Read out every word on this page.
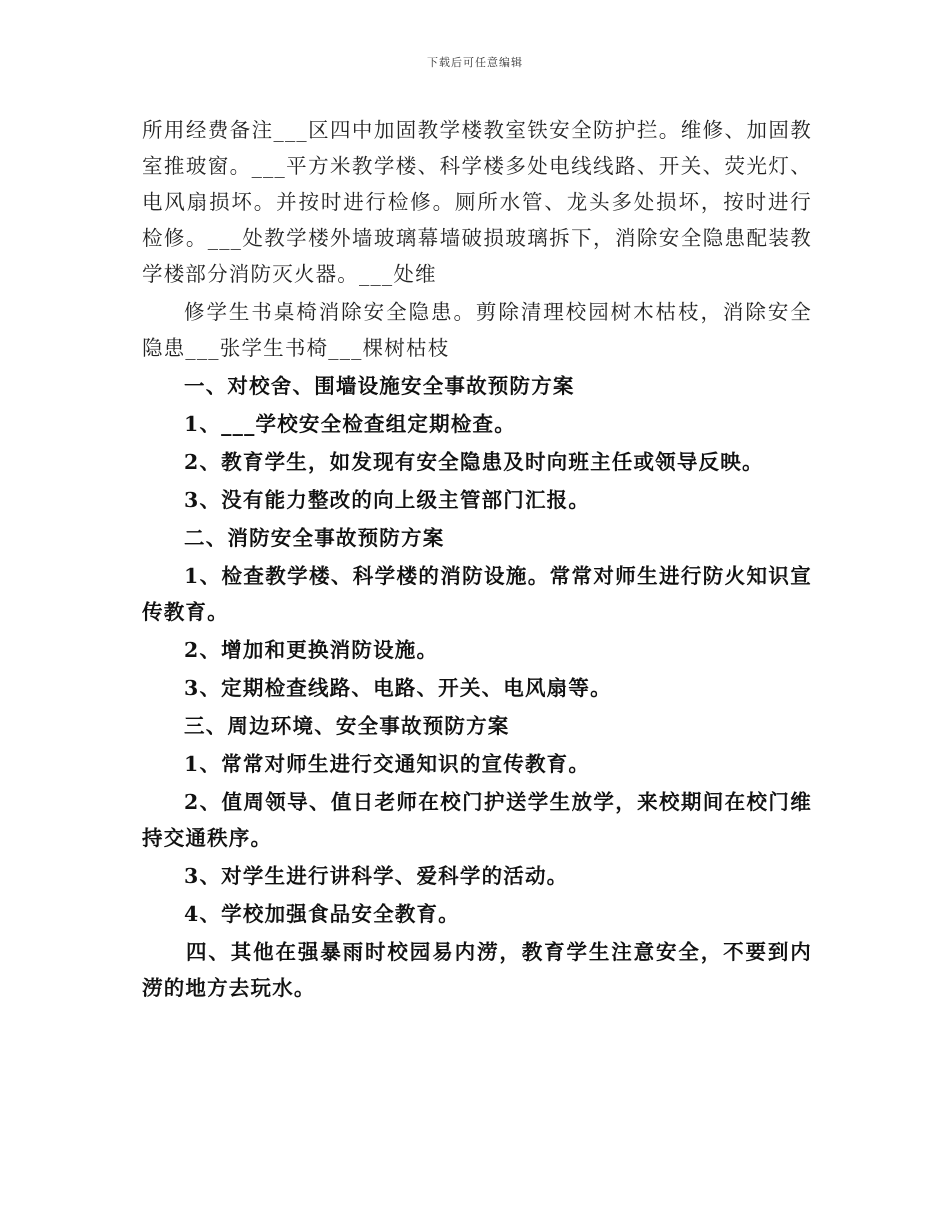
下载后可任意编辑

所用经费备注___区四中加固教学楼教室铁安全防护拦。维修、加固教室推玻窗。___平方米教学楼、科学楼多处电线线路、开关、荧光灯、电风扇损坏。并按时进行检修。厕所水管、龙头多处损坏，按时进行检修。___处教学楼外墙玻璃幕墙破损玻璃拆下，消除安全隐患配装教学楼部分消防灭火器。___处维

修学生书桌椅消除安全隐患。剪除清理校园树木枯枝，消除安全隐患___张学生书椅___棵树枯枝

一、对校舍、围墙设施安全事故预防方案

1、___学校安全检查组定期检查。

2、教育学生，如发现有安全隐患及时向班主任或领导反映。

3、没有能力整改的向上级主管部门汇报。

二、消防安全事故预防方案

1、检查教学楼、科学楼的消防设施。常常对师生进行防火知识宣传教育。

2、增加和更换消防设施。

3、定期检查线路、电路、开关、电风扇等。

三、周边环境、安全事故预防方案

1、常常对师生进行交通知识的宣传教育。

2、值周领导、值日老师在校门护送学生放学，来校期间在校门维持交通秩序。

3、对学生进行讲科学、爱科学的活动。

4、学校加强食品安全教育。

四、其他在强暴雨时校园易内涝，教育学生注意安全，不要到内涝的地方去玩水。
